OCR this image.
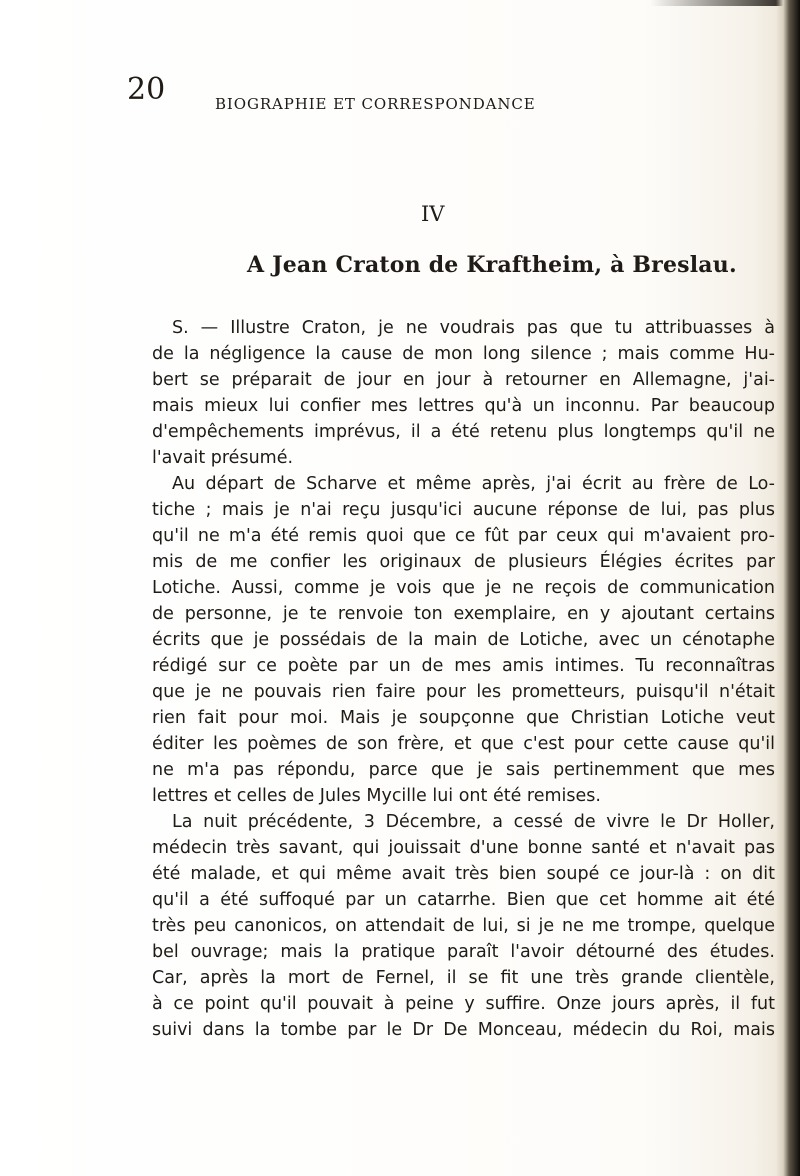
20	BIOGRAPHIE ET CORRESPONDANCE
IV
A Jean Craton de Kraftheim, à Breslau.
S. — Illustre Craton, je ne voudrais pas que tu attribuasses à
de la négligence la cause de mon long silence ; mais comme Hu-
bert se préparait de jour en jour à retourner en Allemagne, j'ai-
mais mieux lui confier mes lettres qu'à un inconnu. Par beaucoup
d'empêchements imprévus, il a été retenu plus longtemps qu'il ne
l'avait présumé.
Au départ de Scharve et même après, j'ai écrit au frère de Lo-
tiche ; mais je n'ai reçu jusqu'ici aucune réponse de lui, pas plus
qu'il ne m'a été remis quoi que ce fût par ceux qui m'avaient pro-
mis de me confier les originaux de plusieurs Élégies écrites par
Lotiche. Aussi, comme je vois que je ne reçois de communication
de personne, je te renvoie ton exemplaire, en y ajoutant certains
écrits que je possédais de la main de Lotiche, avec un cénotaphe
rédigé sur ce poète par un de mes amis intimes. Tu reconnaîtras
que je ne pouvais rien faire pour les prometteurs, puisqu'il n'était
rien fait pour moi. Mais je soupçonne que Christian Lotiche veut
éditer les poèmes de son frère, et que c'est pour cette cause qu'il
ne m'a pas répondu, parce que je sais pertinemment que mes
lettres et celles de Jules Mycille lui ont été remises.
La nuit précédente, 3 Décembre, a cessé de vivre le Dr Holler,
médecin très savant, qui jouissait d'une bonne santé et n'avait pas
été malade, et qui même avait très bien soupé ce jour-là : on dit
qu'il a été suffoqué par un catarrhe. Bien que cet homme ait été
très peu canonicos, on attendait de lui, si je ne me trompe, quelque
bel ouvrage; mais la pratique paraît l'avoir détourné des études.
Car, après la mort de Fernel, il se fit une très grande clientèle,
à ce point qu'il pouvait à peine y suffire. Onze jours après, il fut
suivi dans la tombe par le Dr De Monceau, médecin du Roi, mais
